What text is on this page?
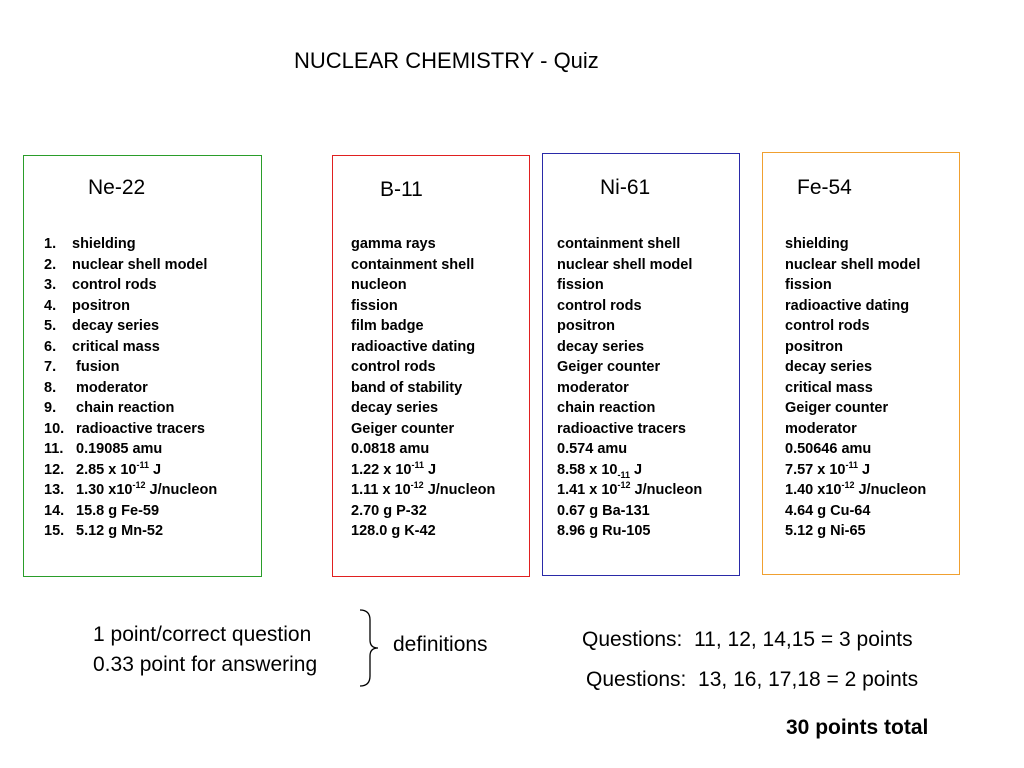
NUCLEAR CHEMISTRY - Quiz
Ne-22
1. shielding
2. nuclear shell model
3. control rods
4. positron
5. decay series
6. critical mass
7. fusion
8. moderator
9. chain reaction
10. radioactive tracers
11. 0.19085 amu
12. 2.85 x $10^{-11}$ J
13. 1.30 $x10^{-12}$ J/nucleon
14. 15.8 g Fe-59
15. 5.12 g Mn-52
B-11
gamma rays
containment shell
nucleon
fission
film badge
radioactive dating
control rods
band of stability
decay series
Geiger counter
0.0818 amu
1.22 x $10^{-11}$ J
1.11 x $10^{-12}$ J/nucleon
2.70 g P-32
128.0 g K-42
Ni-61
containment shell
nuclear shell model
fission
control rods
positron
decay series
Geiger counter
moderator
chain reaction
radioactive tracers
0.574 amu
8.58 x $10_{-11}$ J
1.41 x $10^{-12}$ J/nucleon
0.67 g Ba-131
8.96 g Ru-105
Fe-54
shielding
nuclear shell model
fission
radioactive dating
control rods
positron
decay series
critical mass
Geiger counter
moderator
0.50646 amu
7.57 x $10^{-11}$ J
1.40 $x10^{-12}$ J/nucleon
4.64 g Cu-64
5.12 g Ni-65
1 point/correct question
0.33 point for answering
definitions	Questions:  11, 12, 14,15 = 3 points
Questions:  13, 16, 17,18 = 2 points
30 points total
